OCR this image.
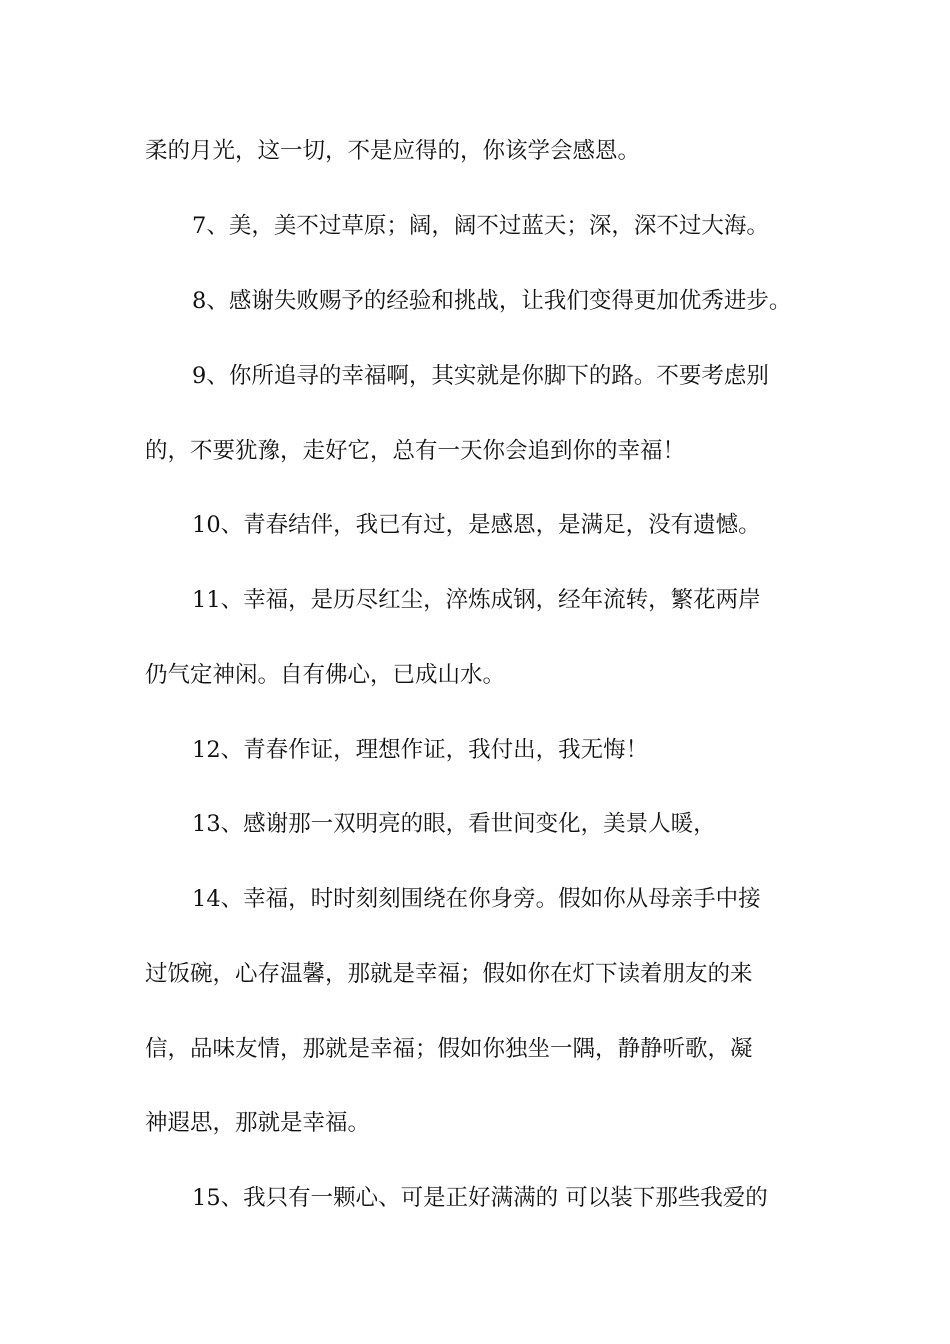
柔的月光，这一切，不是应得的，你该学会感恩。
7、美，美不过草原；阔，阔不过蓝天；深，深不过大海。
8、感谢失败赐予的经验和挑战，让我们变得更加优秀进步。
9、你所追寻的幸福啊，其实就是你脚下的路。不要考虑别
的，不要犹豫，走好它，总有一天你会追到你的幸福！
10、青春结伴，我已有过，是感恩，是满足，没有遗憾。
11、幸福，是历尽红尘，淬炼成钢，经年流转，繁花两岸
仍气定神闲。自有佛心，已成山水。
12、青春作证，理想作证，我付出，我无悔！
13、感谢那一双明亮的眼，看世间变化，美景人暖，
14、幸福，时时刻刻围绕在你身旁。假如你从母亲手中接
过饭碗，心存温馨，那就是幸福；假如你在灯下读着朋友的来
信，品味友情，那就是幸福；假如你独坐一隅，静静听歌，凝
神遐思，那就是幸福。
15、我只有一颗心、可是正好满满的 可以装下那些我爱的
